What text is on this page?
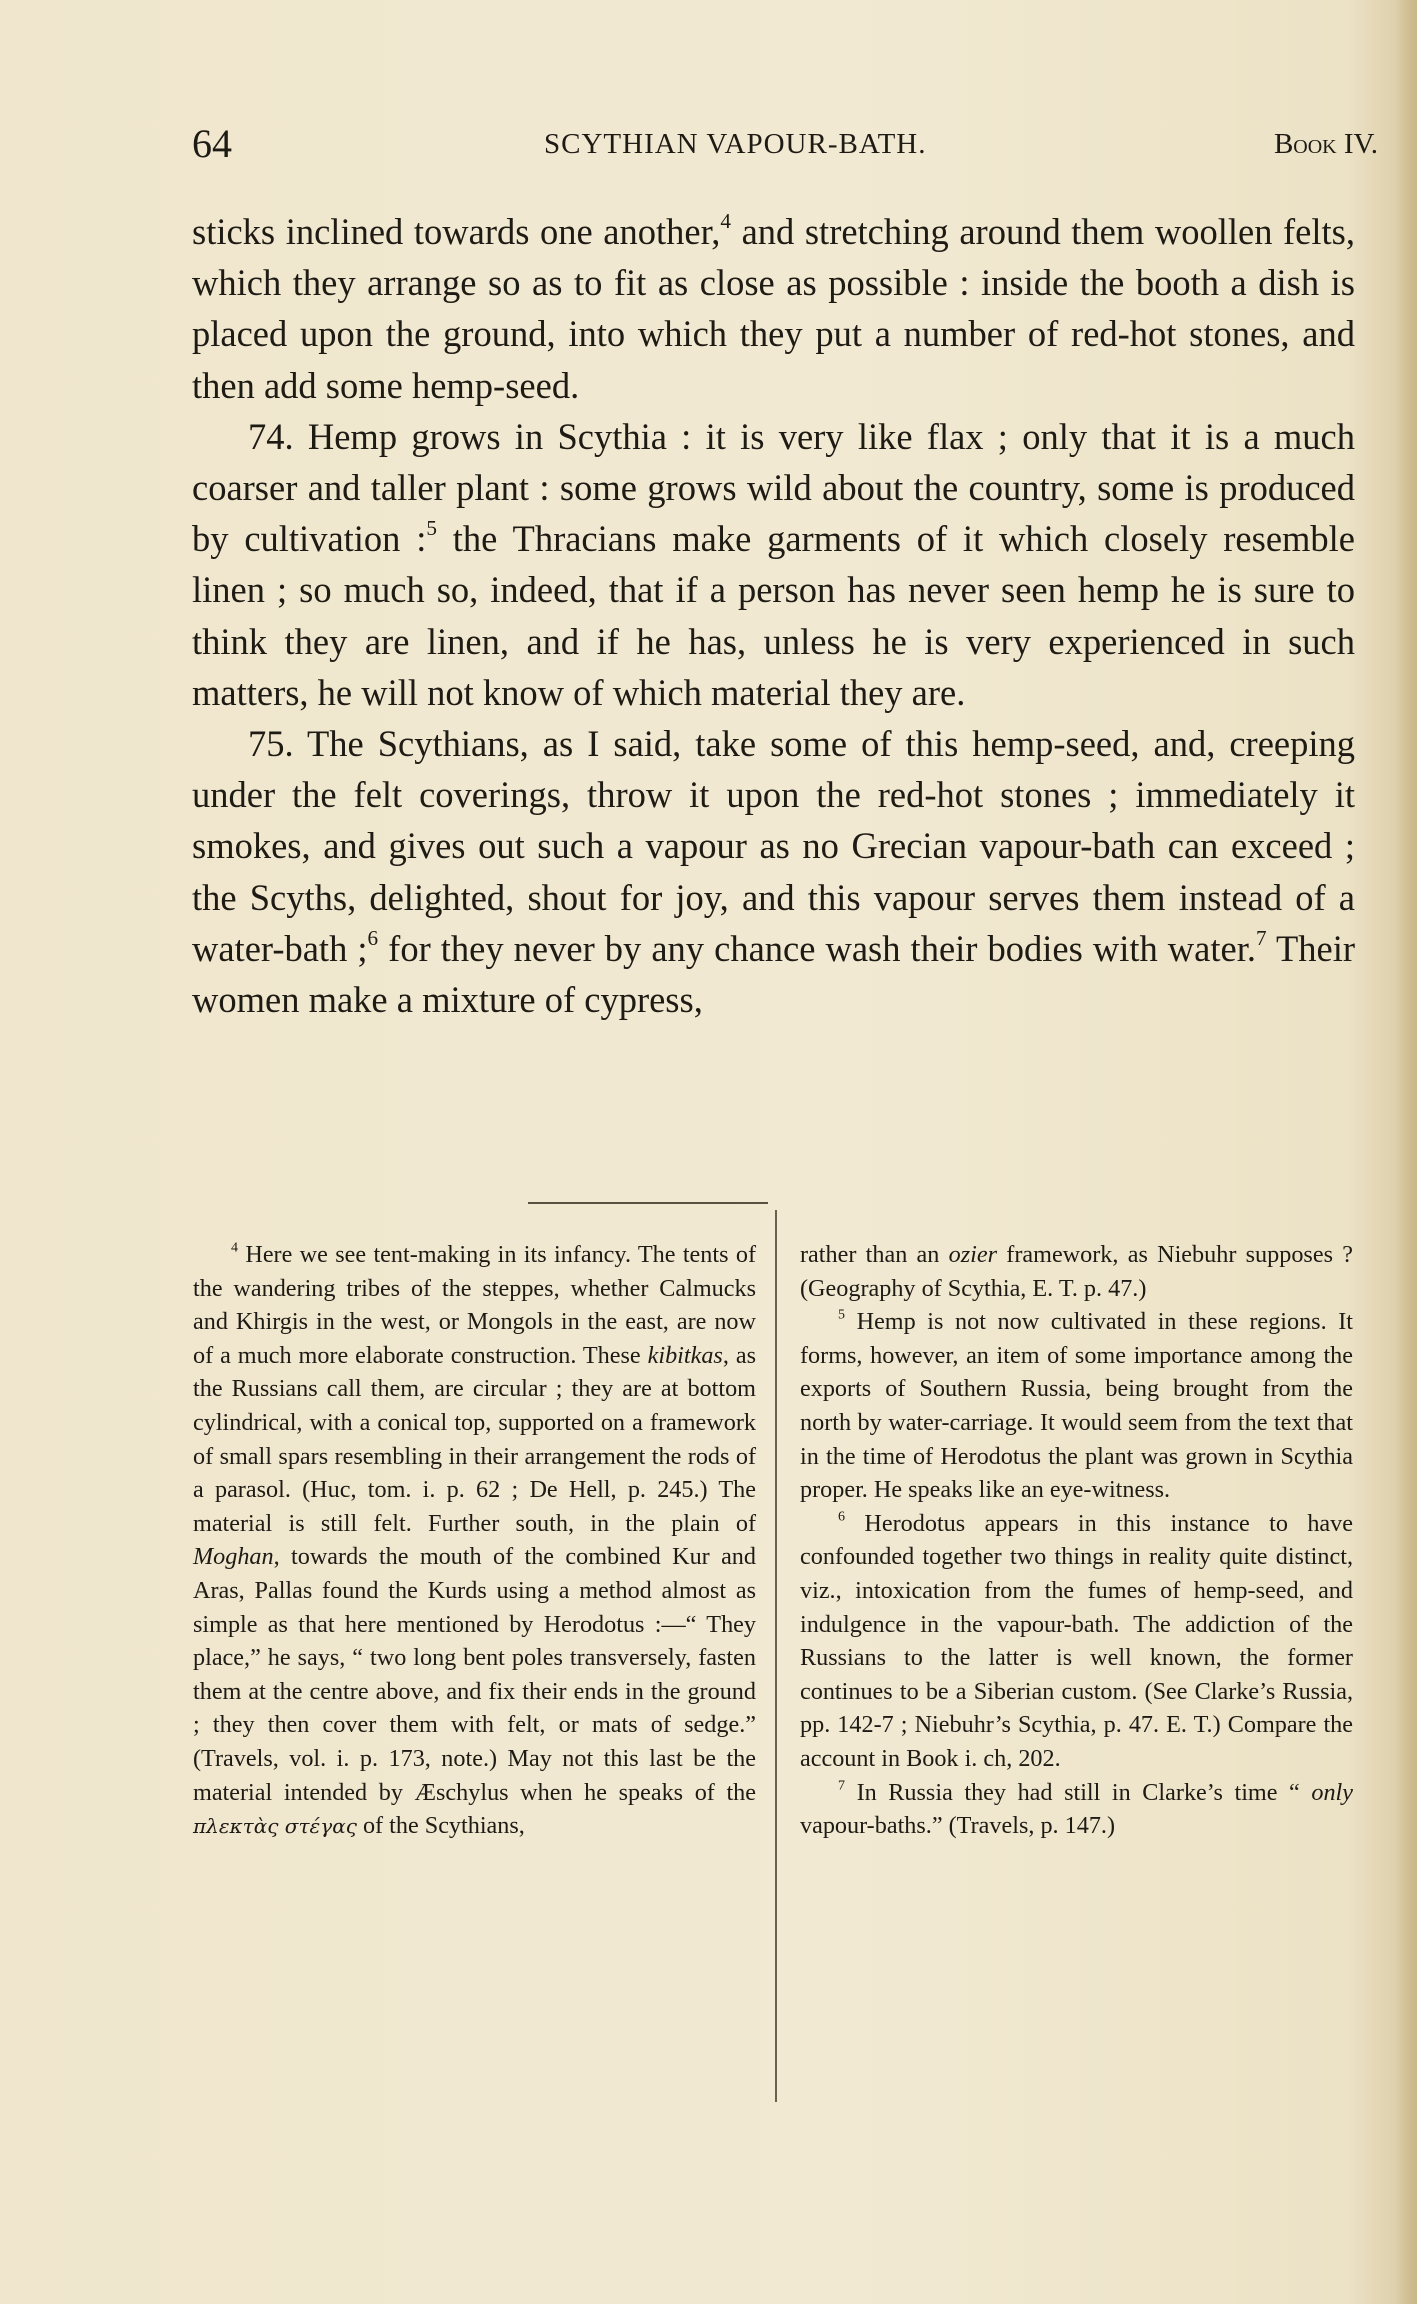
64	SCYTHIAN VAPOUR-BATH.	Book IV.

sticks inclined towards one another,$^4$ and stretching around them woollen felts, which they arrange so as to fit as close as possible : inside the booth a dish is placed upon the ground, into which they put a number of red-hot stones, and then add some hemp-seed.

74. Hemp grows in Scythia : it is very like flax ; only that it is a much coarser and taller plant : some grows wild about the country, some is produced by cultivation :$^5$ the Thracians make garments of it which closely resemble linen ; so much so, indeed, that if a person has never seen hemp he is sure to think they are linen, and if he has, unless he is very experienced in such matters, he will not know of which material they are.

75. The Scythians, as I said, take some of this hemp-seed, and, creeping under the felt coverings, throw it upon the red-hot stones ; immediately it smokes, and gives out such a vapour as no Grecian vapour-bath can exceed ; the Scyths, delighted, shout for joy, and this vapour serves them instead of a water-bath ;$^6$ for they never by any chance wash their bodies with water.$^7$ Their women make a mixture of cypress,

$^4$ Here we see tent-making in its infancy. The tents of the wandering tribes of the steppes, whether Calmucks and Khirgis in the west, or Mongols in the east, are now of a much more elaborate construction. These kibitkas, as the Russians call them, are circular ; they are at bottom cylindrical, with a conical top, supported on a framework of small spars resembling in their arrangement the rods of a parasol. (Huc, tom. i. p. 62 ; De Hell, p. 245.) The material is still felt. Further south, in the plain of Moghan, towards the mouth of the combined Kur and Aras, Pallas found the Kurds using a method almost as simple as that here mentioned by Herodotus :—“ They place,” he says, “ two long bent poles transversely, fasten them at the centre above, and fix their ends in the ground ; they then cover them with felt, or mats of sedge.” (Travels, vol. i. p. 173, note.) May not this last be the material intended by Æschylus when he speaks of the πλεκτὰς στέγας of the Scythians,

rather than an ozier framework, as Niebuhr supposes ? (Geography of Scythia, E. T. p. 47.)

$^5$ Hemp is not now cultivated in these regions. It forms, however, an item of some importance among the exports of Southern Russia, being brought from the north by water-carriage. It would seem from the text that in the time of Herodotus the plant was grown in Scythia proper. He speaks like an eye-witness.

$^6$ Herodotus appears in this instance to have confounded together two things in reality quite distinct, viz., intoxication from the fumes of hemp-seed, and indulgence in the vapour-bath. The addiction of the Russians to the latter is well known, the former continues to be a Siberian custom. (See Clarke’s Russia, pp. 142-7 ; Niebuhr’s Scythia, p. 47. E. T.) Compare the account in Book i. ch, 202.

$^7$ In Russia they had still in Clarke’s time “ only vapour-baths.” (Travels, p. 147.)
